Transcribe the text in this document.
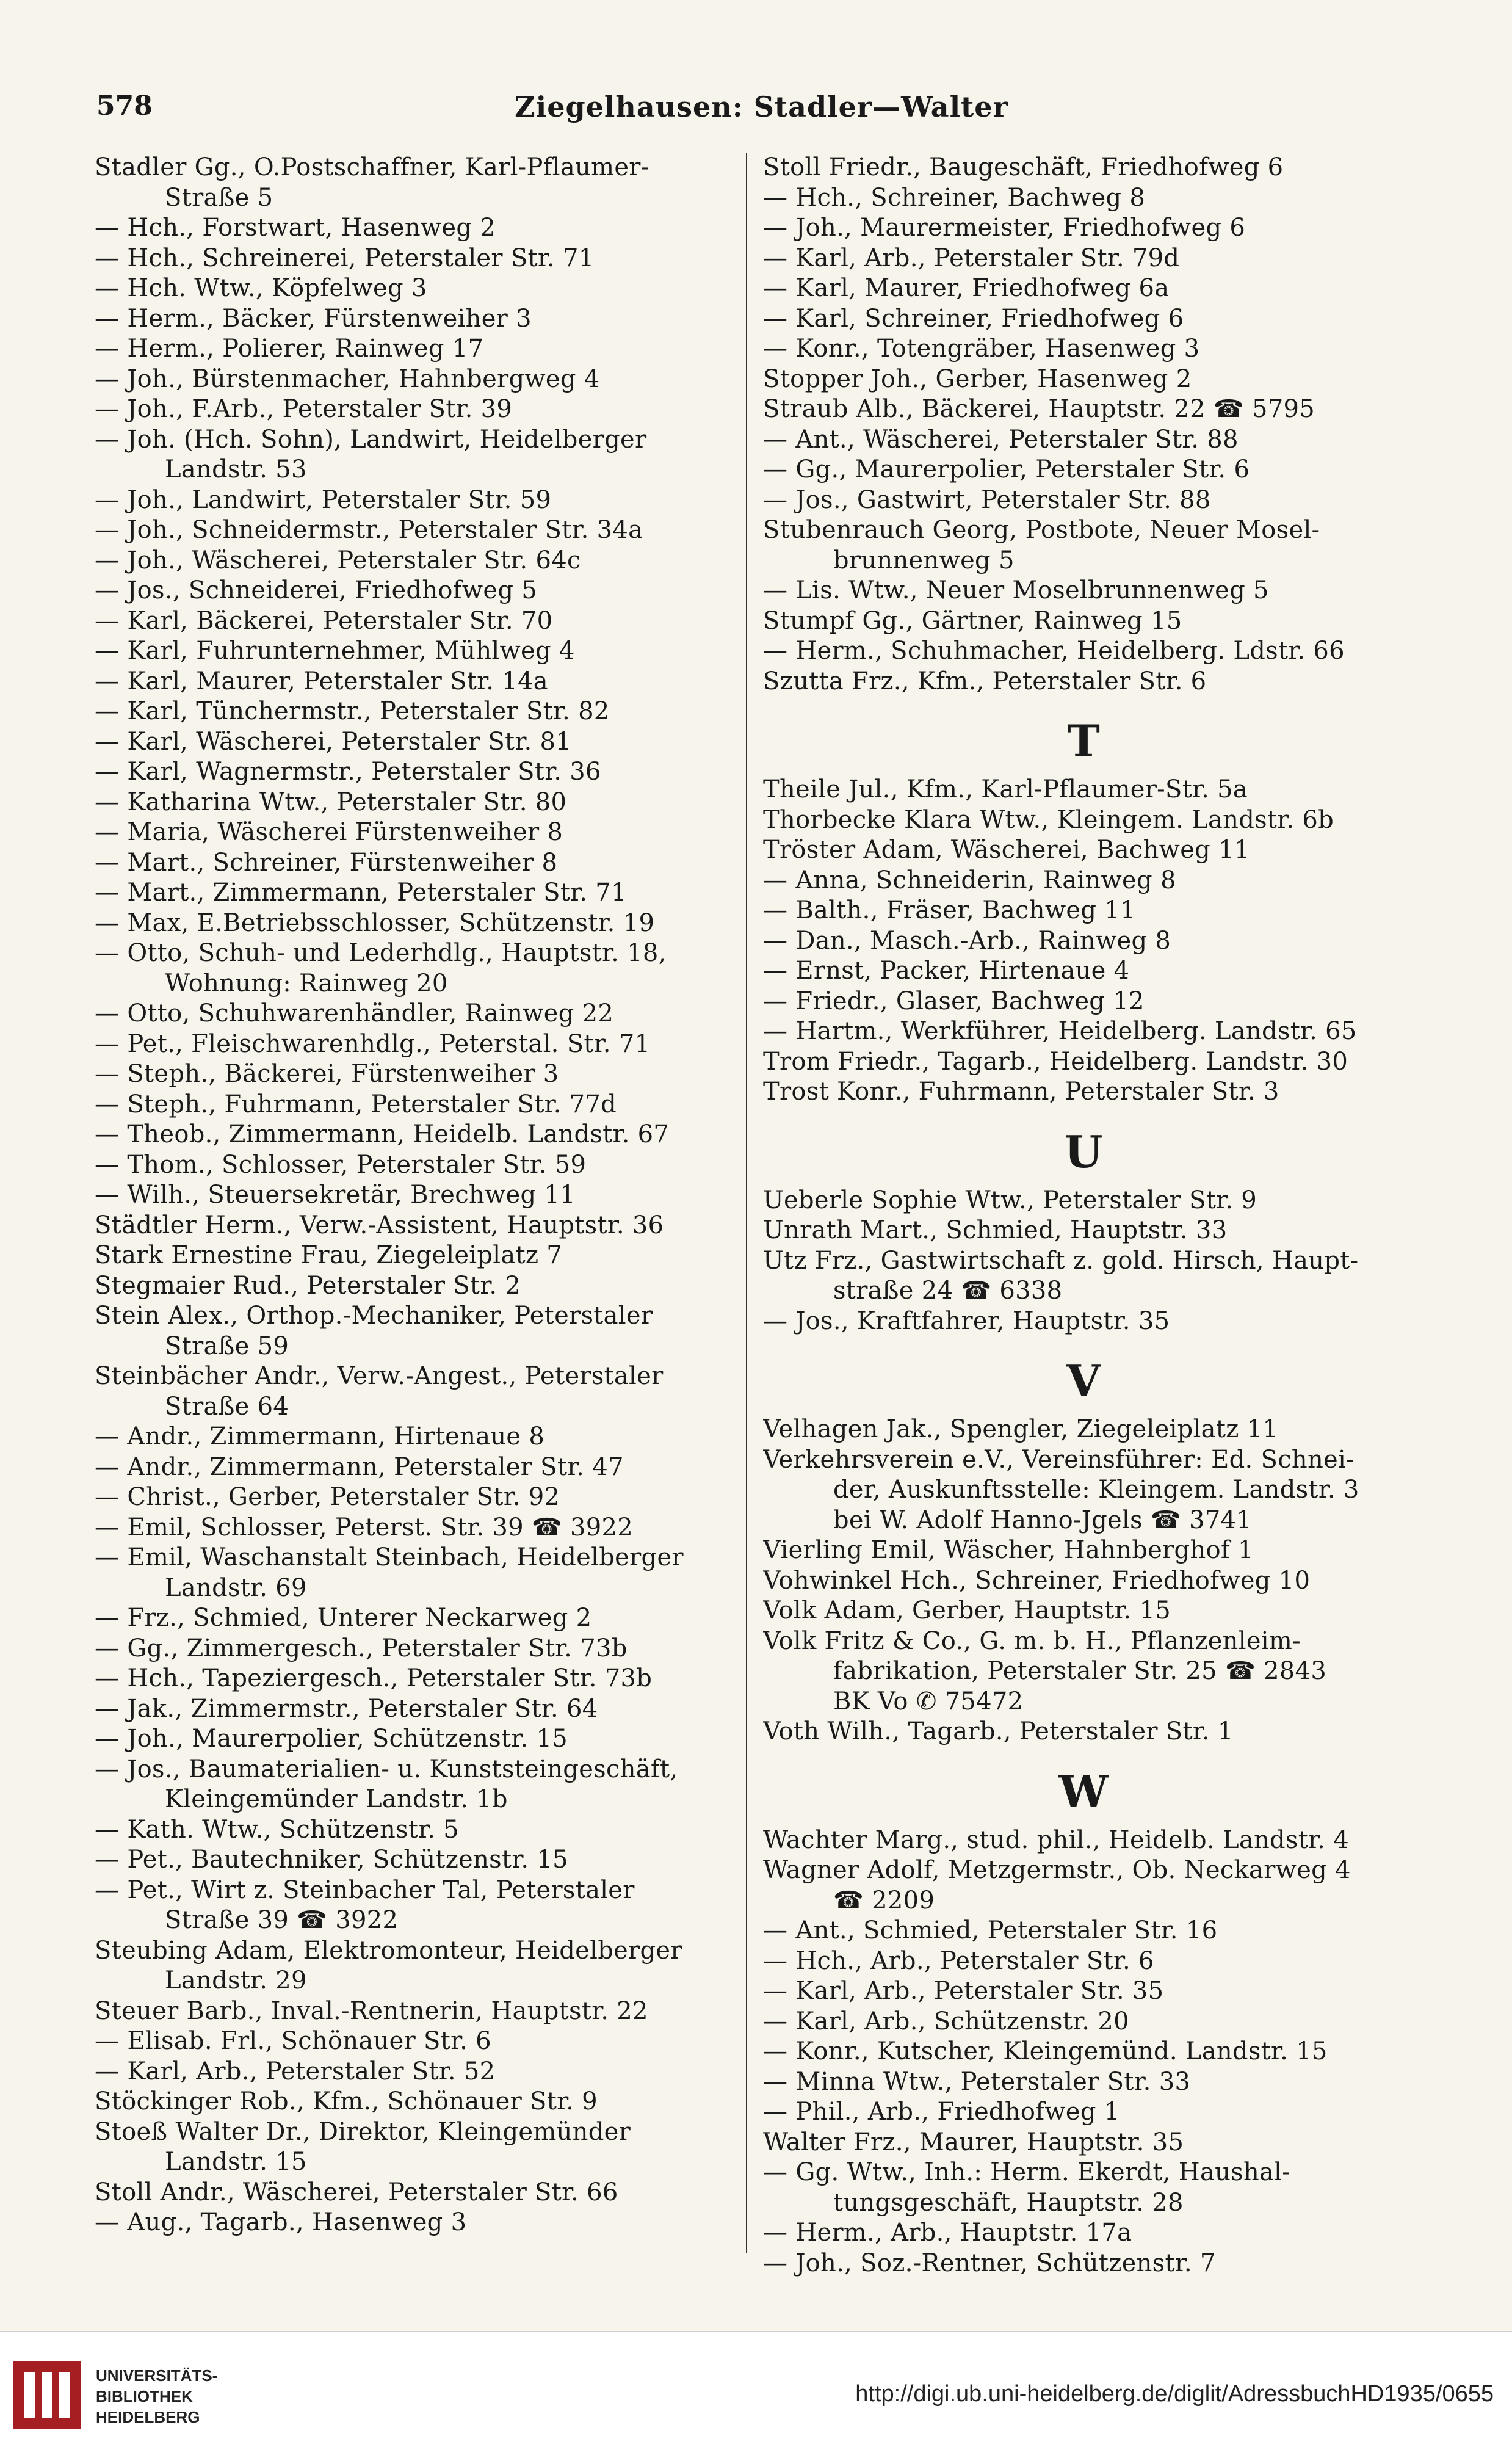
578	Ziegelhausen: Stadler—Walter
Stadler Gg., O.Postschaffner, Karl-Pflaumer-
Straße 5
— Hch., Forstwart, Hasenweg 2
— Hch., Schreinerei, Peterstaler Str. 71
— Hch. Wtw., Köpfelweg 3
— Herm., Bäcker, Fürstenweiher 3
— Herm., Polierer, Rainweg 17
— Joh., Bürstenmacher, Hahnbergweg 4
— Joh., F.Arb., Peterstaler Str. 39
— Joh. (Hch. Sohn), Landwirt, Heidelberger
Landstr. 53
— Joh., Landwirt, Peterstaler Str. 59
— Joh., Schneidermstr., Peterstaler Str. 34a
— Joh., Wäscherei, Peterstaler Str. 64c
— Jos., Schneiderei, Friedhofweg 5
— Karl, Bäckerei, Peterstaler Str. 70
— Karl, Fuhrunternehmer, Mühlweg 4
— Karl, Maurer, Peterstaler Str. 14a
— Karl, Tünchermstr., Peterstaler Str. 82
— Karl, Wäscherei, Peterstaler Str. 81
— Karl, Wagnermstr., Peterstaler Str. 36
— Katharina Wtw., Peterstaler Str. 80
— Maria, Wäscherei Fürstenweiher 8
— Mart., Schreiner, Fürstenweiher 8
— Mart., Zimmermann, Peterstaler Str. 71
— Max, E.Betriebsschlosser, Schützenstr. 19
— Otto, Schuh- und Lederhdlg., Hauptstr. 18,
Wohnung: Rainweg 20
— Otto, Schuhwarenhändler, Rainweg 22
— Pet., Fleischwarenhdlg., Peterstal. Str. 71
— Steph., Bäckerei, Fürstenweiher 3
— Steph., Fuhrmann, Peterstaler Str. 77d
— Theob., Zimmermann, Heidelb. Landstr. 67
— Thom., Schlosser, Peterstaler Str. 59
— Wilh., Steuersekretär, Brechweg 11
Städtler Herm., Verw.-Assistent, Hauptstr. 36
Stark Ernestine Frau, Ziegeleiplatz 7
Stegmaier Rud., Peterstaler Str. 2
Stein Alex., Orthop.-Mechaniker, Peterstaler
Straße 59
Steinbächer Andr., Verw.-Angest., Peterstaler
Straße 64
— Andr., Zimmermann, Hirtenaue 8
— Andr., Zimmermann, Peterstaler Str. 47
— Christ., Gerber, Peterstaler Str. 92
— Emil, Schlosser, Peterst. Str. 39 ☎ 3922
— Emil, Waschanstalt Steinbach, Heidelberger
Landstr. 69
— Frz., Schmied, Unterer Neckarweg 2
— Gg., Zimmergesch., Peterstaler Str. 73b
— Hch., Tapeziergesch., Peterstaler Str. 73b
— Jak., Zimmermstr., Peterstaler Str. 64
— Joh., Maurerpolier, Schützenstr. 15
— Jos., Baumaterialien- u. Kunststeingeschäft,
Kleingemünder Landstr. 1b
— Kath. Wtw., Schützenstr. 5
— Pet., Bautechniker, Schützenstr. 15
— Pet., Wirt z. Steinbacher Tal, Peterstaler
Straße 39 ☎ 3922
Steubing Adam, Elektromonteur, Heidelberger
Landstr. 29
Steuer Barb., Inval.-Rentnerin, Hauptstr. 22
— Elisab. Frl., Schönauer Str. 6
— Karl, Arb., Peterstaler Str. 52
Stöckinger Rob., Kfm., Schönauer Str. 9
Stoeß Walter Dr., Direktor, Kleingemünder
Landstr. 15
Stoll Andr., Wäscherei, Peterstaler Str. 66
— Aug., Tagarb., Hasenweg 3
Stoll Friedr., Baugeschäft, Friedhofweg 6
— Hch., Schreiner, Bachweg 8
— Joh., Maurermeister, Friedhofweg 6
— Karl, Arb., Peterstaler Str. 79d
— Karl, Maurer, Friedhofweg 6a
— Karl, Schreiner, Friedhofweg 6
— Konr., Totengräber, Hasenweg 3
Stopper Joh., Gerber, Hasenweg 2
Straub Alb., Bäckerei, Hauptstr. 22 ☎ 5795
— Ant., Wäscherei, Peterstaler Str. 88
— Gg., Maurerpolier, Peterstaler Str. 6
— Jos., Gastwirt, Peterstaler Str. 88
Stubenrauch Georg, Postbote, Neuer Mosel-
brunnenweg 5
— Lis. Wtw., Neuer Moselbrunnenweg 5
Stumpf Gg., Gärtner, Rainweg 15
— Herm., Schuhmacher, Heidelberg. Ldstr. 66
Szutta Frz., Kfm., Peterstaler Str. 6
T
Theile Jul., Kfm., Karl-Pflaumer-Str. 5a
Thorbecke Klara Wtw., Kleingem. Landstr. 6b
Tröster Adam, Wäscherei, Bachweg 11
— Anna, Schneiderin, Rainweg 8
— Balth., Fräser, Bachweg 11
— Dan., Masch.-Arb., Rainweg 8
— Ernst, Packer, Hirtenaue 4
— Friedr., Glaser, Bachweg 12
— Hartm., Werkführer, Heidelberg. Landstr. 65
Trom Friedr., Tagarb., Heidelberg. Landstr. 30
Trost Konr., Fuhrmann, Peterstaler Str. 3
U
Ueberle Sophie Wtw., Peterstaler Str. 9
Unrath Mart., Schmied, Hauptstr. 33
Utz Frz., Gastwirtschaft z. gold. Hirsch, Haupt-
straße 24 ☎ 6338
— Jos., Kraftfahrer, Hauptstr. 35
V
Velhagen Jak., Spengler, Ziegeleiplatz 11
Verkehrsverein e.V., Vereinsführer: Ed. Schnei-
der, Auskunftsstelle: Kleingem. Landstr. 3
bei W. Adolf Hanno-Jgels ☎ 3741
Vierling Emil, Wäscher, Hahnberghof 1
Vohwinkel Hch., Schreiner, Friedhofweg 10
Volk Adam, Gerber, Hauptstr. 15
Volk Fritz & Co., G. m. b. H., Pflanzenleim-
fabrikation, Peterstaler Str. 25 ☎ 2843
BK Vo ✆ 75472
Voth Wilh., Tagarb., Peterstaler Str. 1
W
Wachter Marg., stud. phil., Heidelb. Landstr. 4
Wagner Adolf, Metzgermstr., Ob. Neckarweg 4
☎ 2209
— Ant., Schmied, Peterstaler Str. 16
— Hch., Arb., Peterstaler Str. 6
— Karl, Arb., Peterstaler Str. 35
— Karl, Arb., Schützenstr. 20
— Konr., Kutscher, Kleingemünd. Landstr. 15
— Minna Wtw., Peterstaler Str. 33
— Phil., Arb., Friedhofweg 1
Walter Frz., Maurer, Hauptstr. 35
— Gg. Wtw., Inh.: Herm. Ekerdt, Haushal-
tungsgeschäft, Hauptstr. 28
— Herm., Arb., Hauptstr. 17a
— Joh., Soz.-Rentner, Schützenstr. 7
UNIVERSITÄTS-
BIBLIOTHEK
HEIDELBERG
http://digi.ub.uni-heidelberg.de/diglit/AdressbuchHD1935/0655
